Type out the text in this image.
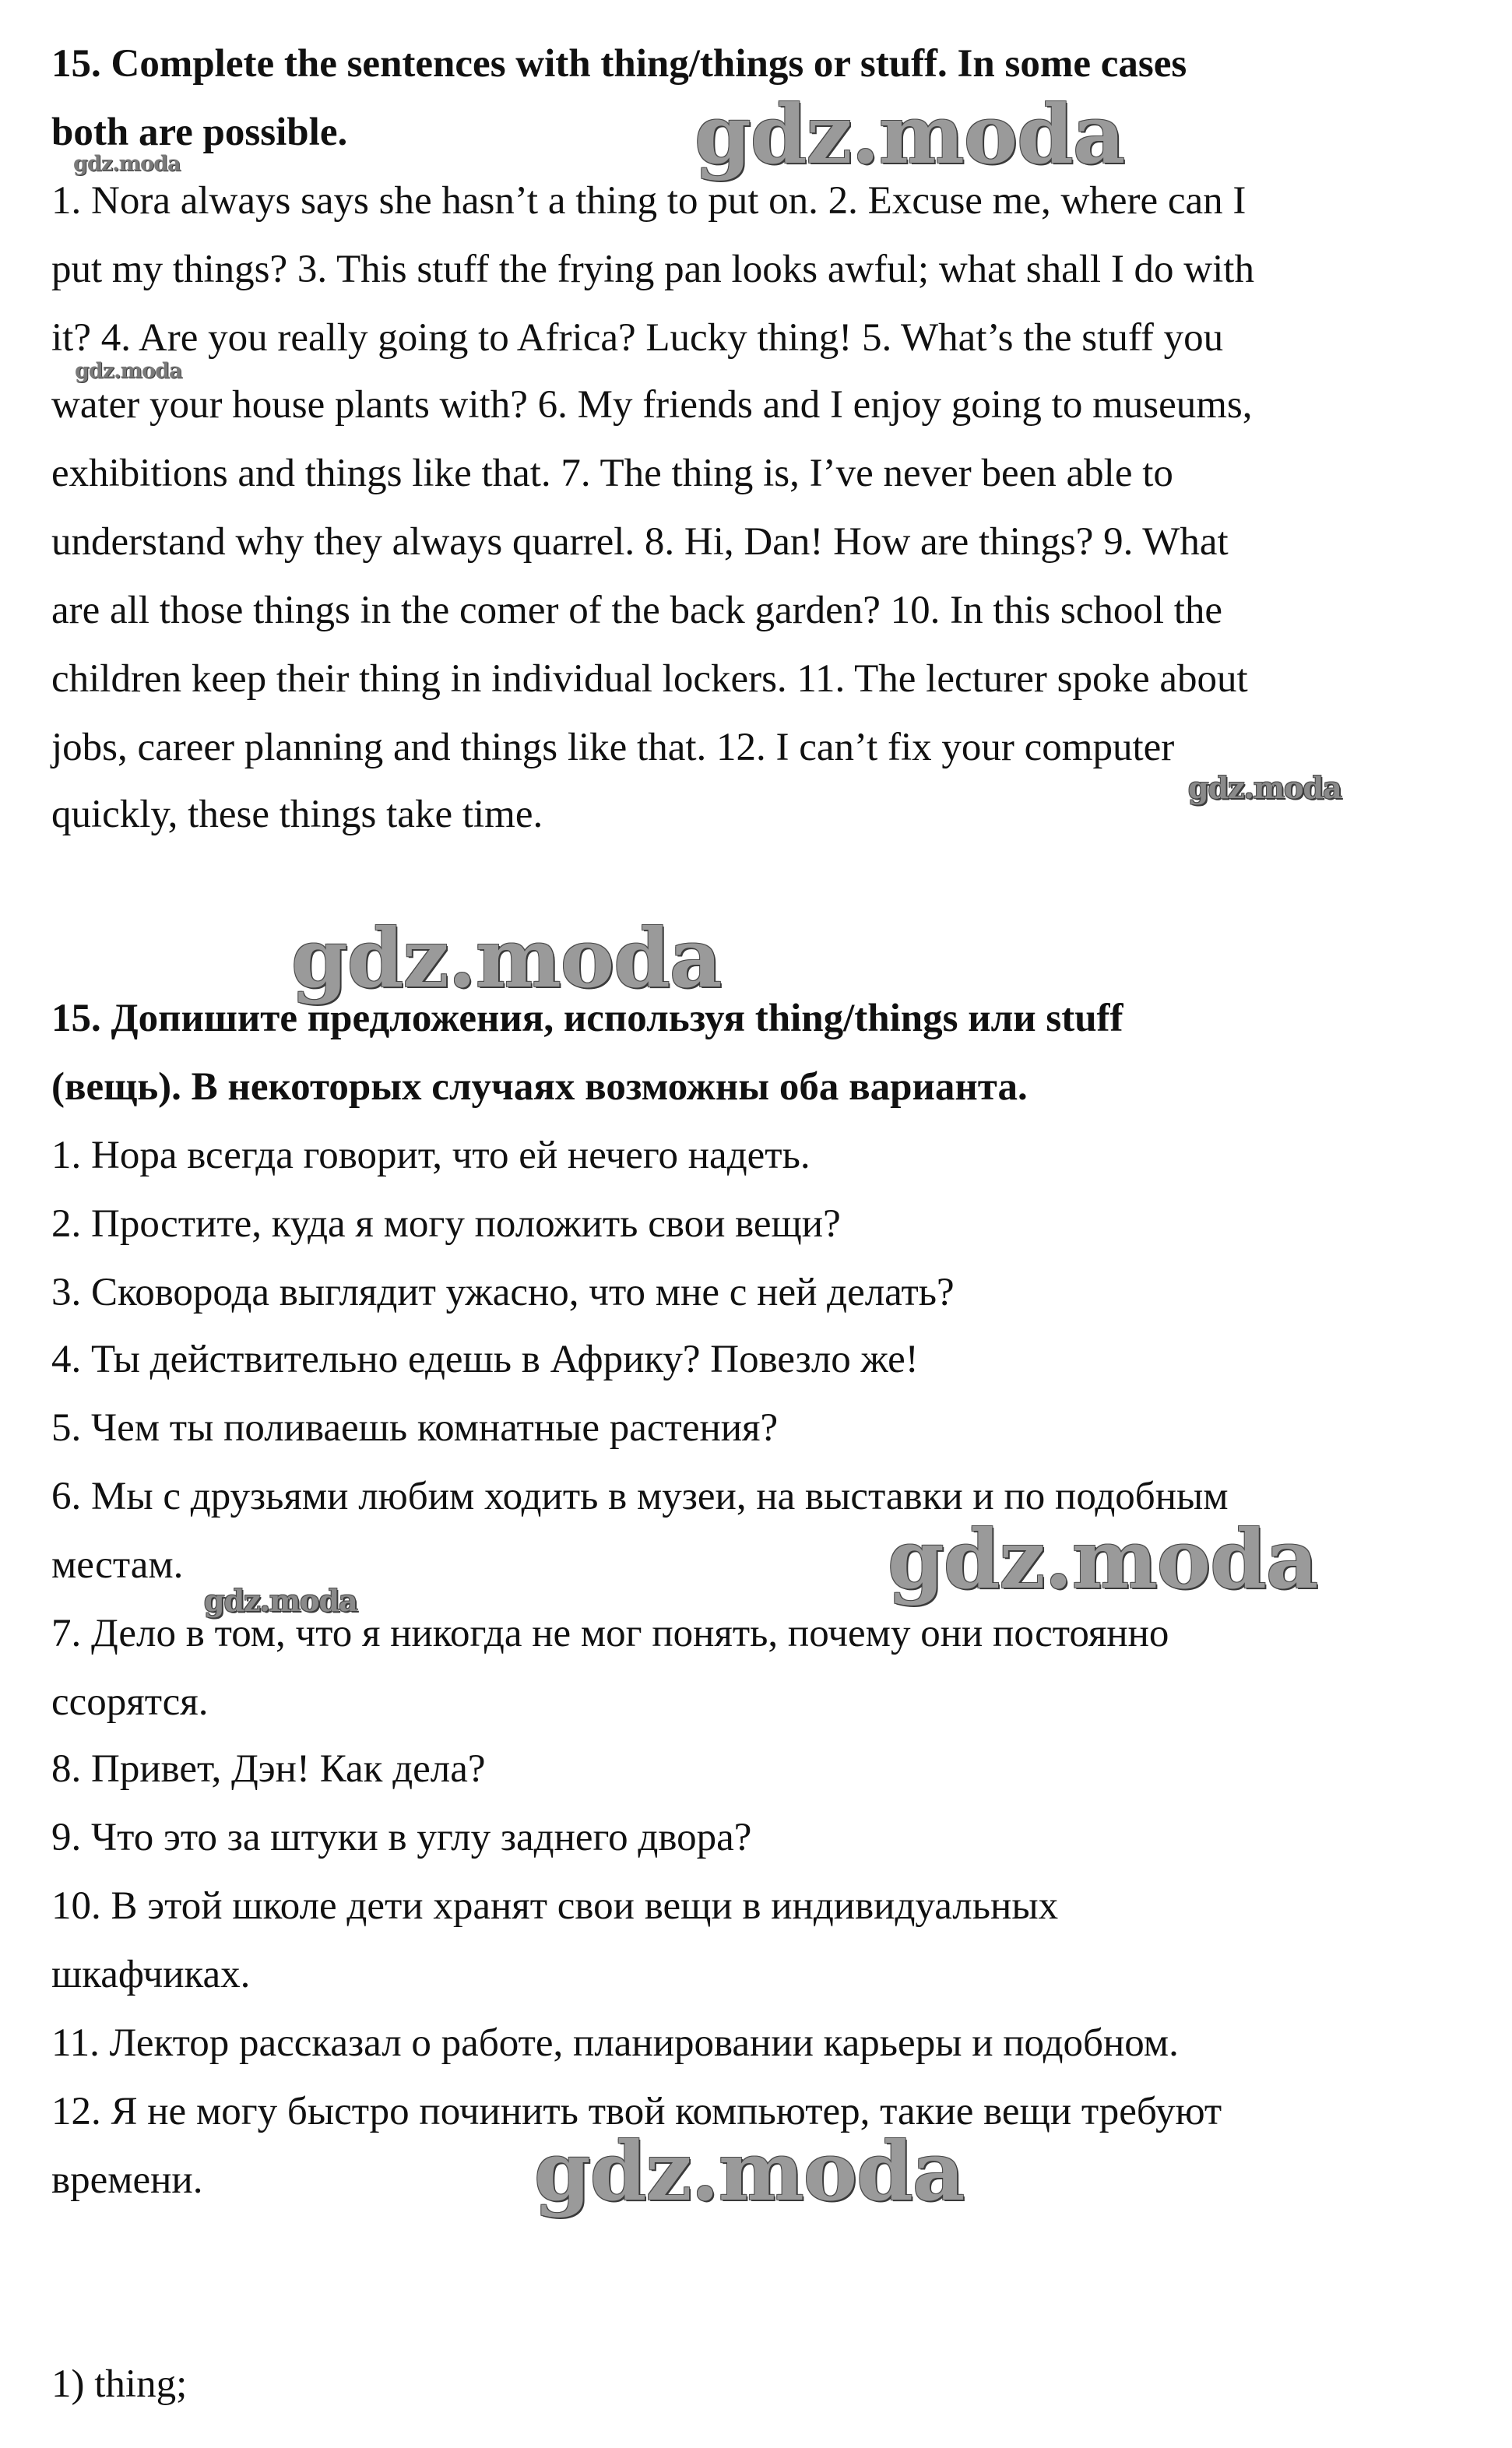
15. Complete the sentences with thing/things or stuff. In some cases
both are possible.
1. Nora always says she hasn’t a thing to put on. 2. Excuse me, where can I
put my things? 3. This stuff the frying pan looks awful; what shall I do with
it? 4. Are you really going to Africa? Lucky thing! 5. What’s the stuff you
water your house plants with? 6. My friends and I enjoy going to museums,
exhibitions and things like that. 7. The thing is, I’ve never been able to
understand why they always quarrel. 8. Hi, Dan! How are things? 9. What
are all those things in the comer of the back garden? 10. In this school the
children keep their thing in individual lockers. 11. The lecturer spoke about
jobs, career planning and things like that. 12. I can’t fix your computer
quickly, these things take time.
15. Допишите предложения, используя thing/things или stuff
(вещь). В некоторых случаях возможны оба варианта.
1. Нора всегда говорит, что ей нечего надеть.
2. Простите, куда я могу положить свои вещи?
3. Сковорода выглядит ужасно, что мне с ней делать?
4. Ты действительно едешь в Африку? Повезло же!
5. Чем ты поливаешь комнатные растения?
6. Мы с друзьями любим ходить в музеи, на выставки и по подобным
местам.
7. Дело в том, что я никогда не мог понять, почему они постоянно
ссорятся.
8. Привет, Дэн! Как дела?
9. Что это за штуки в углу заднего двора?
10. В этой школе дети хранят свои вещи в индивидуальных
шкафчиках.
11. Лектор рассказал о работе, планировании карьеры и подобном.
12. Я не могу быстро починить твой компьютер, такие вещи требуют
времени.
1) thing;
gdz.moda
gdz.moda
gdz.moda
gdz.moda
gdz.moda
gdz.moda
gdz.moda
gdz.moda
